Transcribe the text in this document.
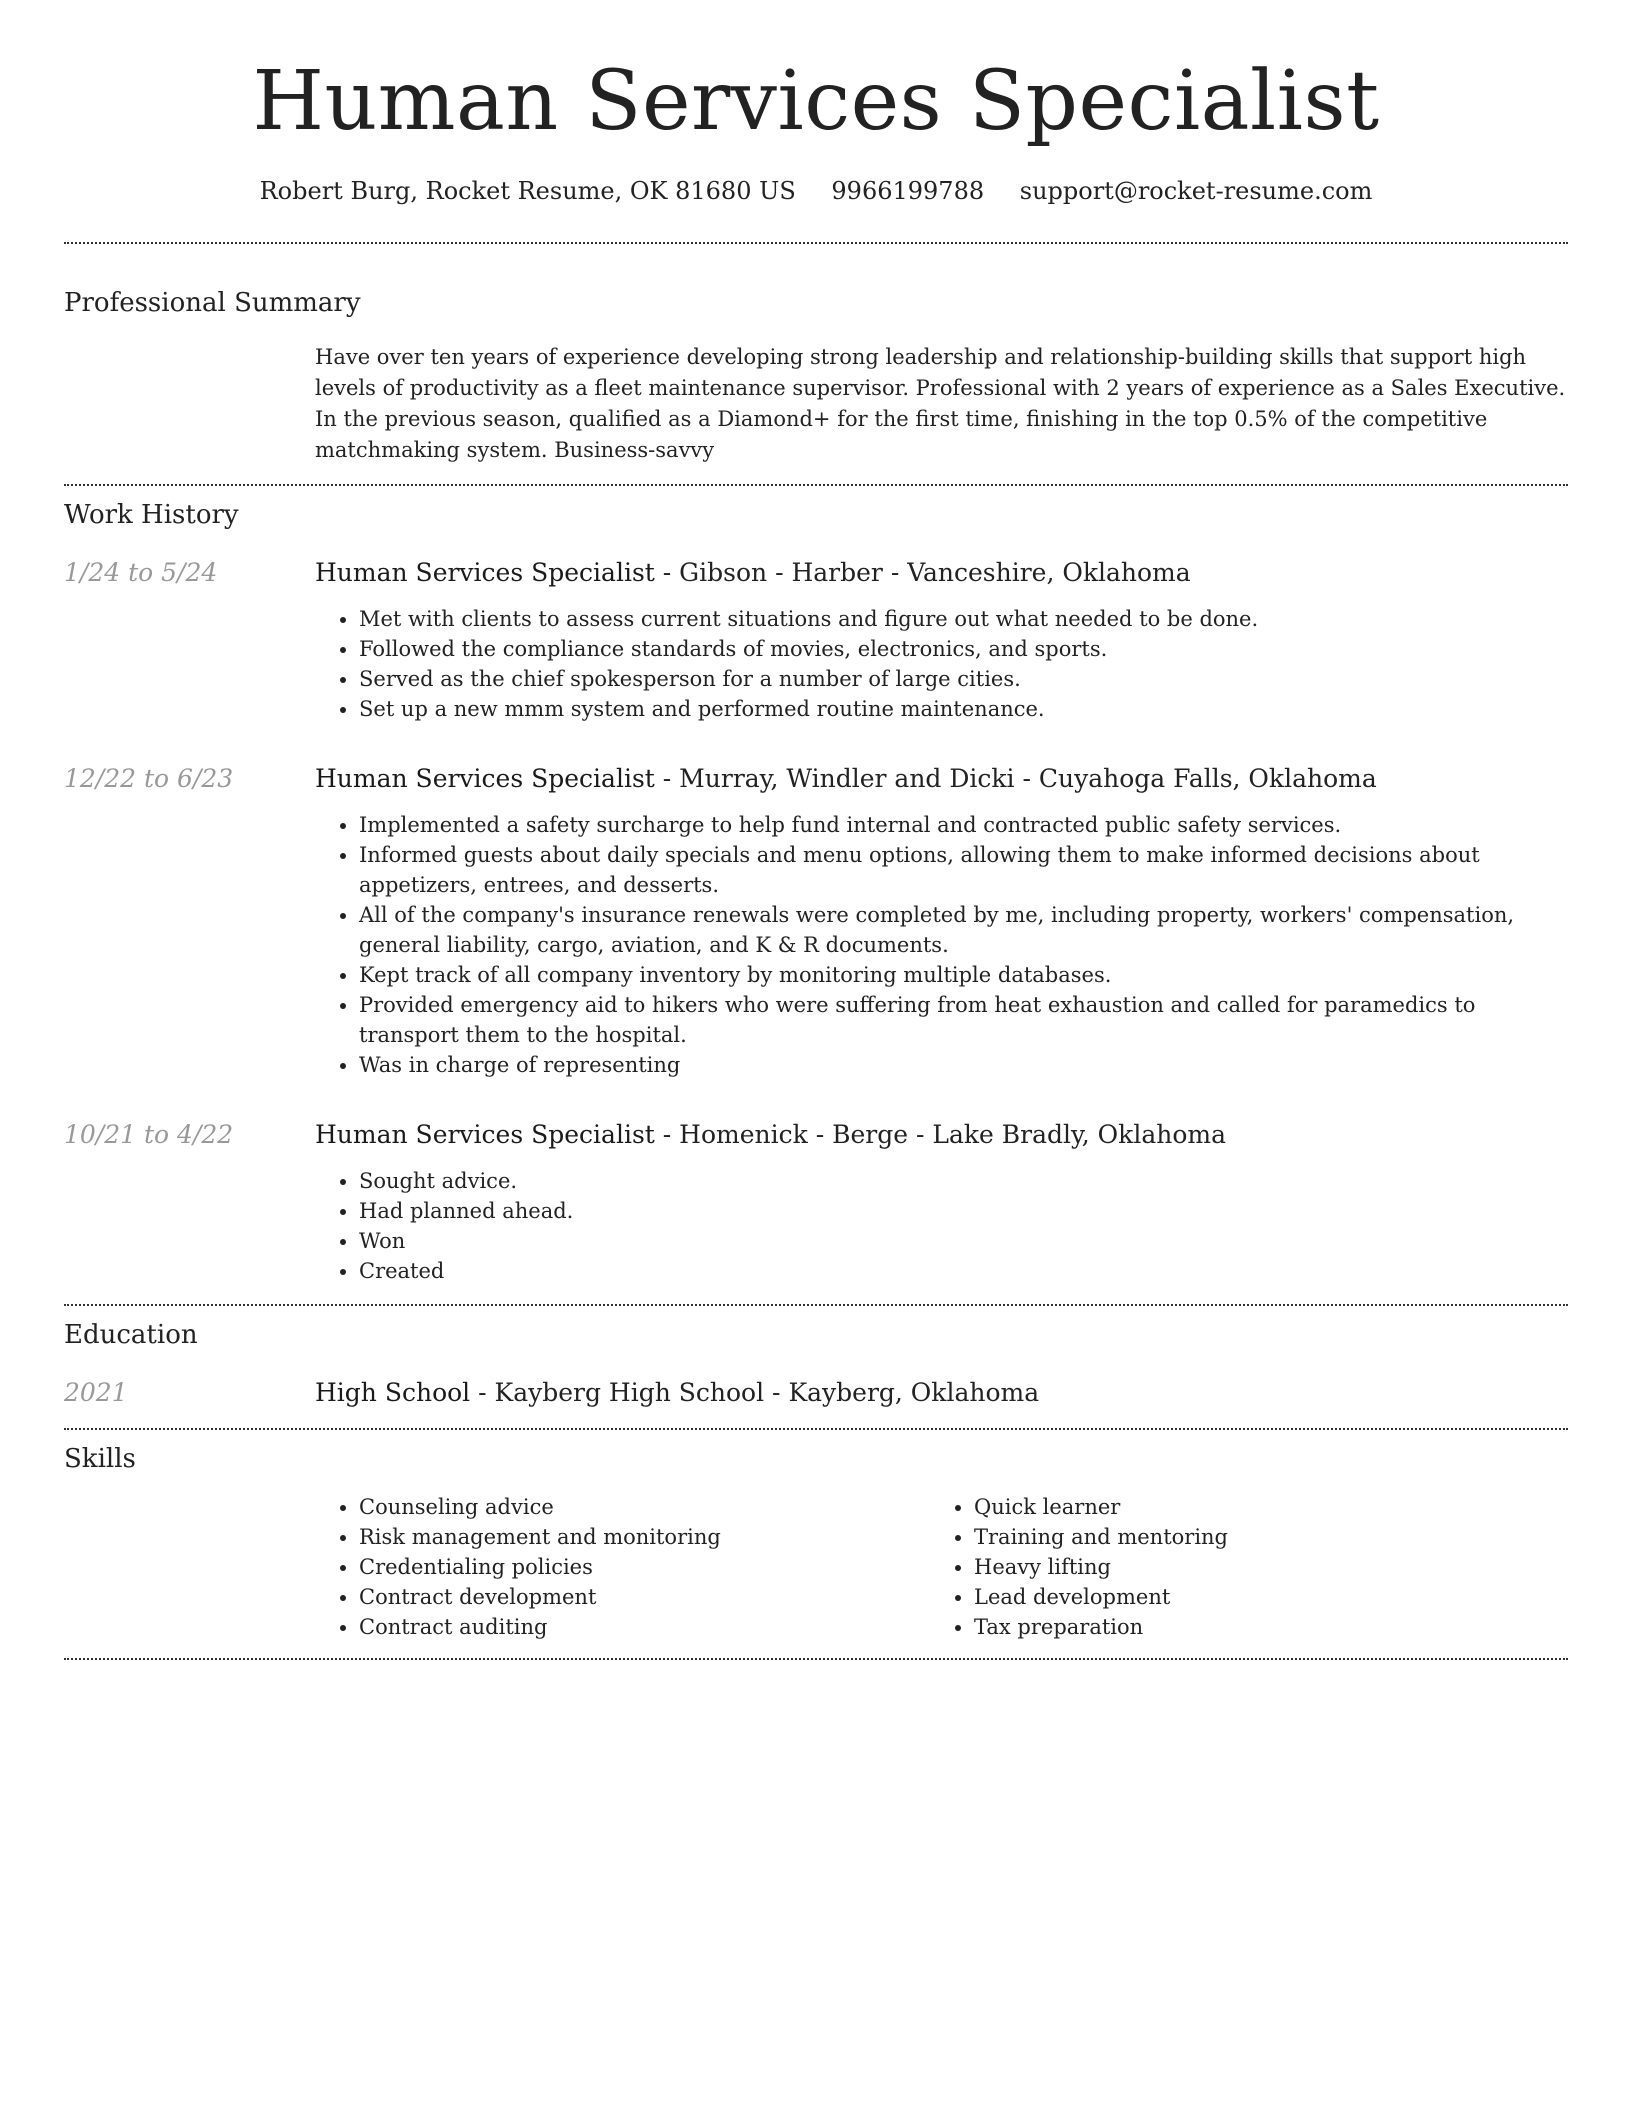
Human Services Specialist
Robert Burg, Rocket Resume, OK 81680 US 9966199788 support@rocket-resume.com
Professional Summary

Have over ten years of experience developing strong leadership and relationship-building skills that support high levels of productivity as a fleet maintenance supervisor. Professional with 2 years of experience as a Sales Executive. In the previous season, qualified as a Diamond+ for the first time, finishing in the top 0.5% of the competitive matchmaking system. Business-savvy

Work History
1/24 to 5/24	Human Services Specialist - Gibson - Harber - Vanceshire, Oklahoma
• Met with clients to assess current situations and figure out what needed to be done.
• Followed the compliance standards of movies, electronics, and sports.
• Served as the chief spokesperson for a number of large cities.
• Set up a new mmm system and performed routine maintenance.
12/22 to 6/23	Human Services Specialist - Murray, Windler and Dicki - Cuyahoga Falls, Oklahoma
• Implemented a safety surcharge to help fund internal and contracted public safety services.
• Informed guests about daily specials and menu options, allowing them to make informed decisions about appetizers, entrees, and desserts.
• All of the company's insurance renewals were completed by me, including property, workers' compensation, general liability, cargo, aviation, and K & R documents.
• Kept track of all company inventory by monitoring multiple databases.
• Provided emergency aid to hikers who were suffering from heat exhaustion and called for paramedics to transport them to the hospital.
• Was in charge of representing
10/21 to 4/22	Human Services Specialist - Homenick - Berge - Lake Bradly, Oklahoma
• Sought advice.
• Had planned ahead.
• Won
• Created
Education
2021	High School - Kayberg High School - Kayberg, Oklahoma
Skills
• Counseling advice
• Risk management and monitoring
• Credentialing policies
• Contract development
• Contract auditing
• Quick learner
• Training and mentoring
• Heavy lifting
• Lead development
• Tax preparation
